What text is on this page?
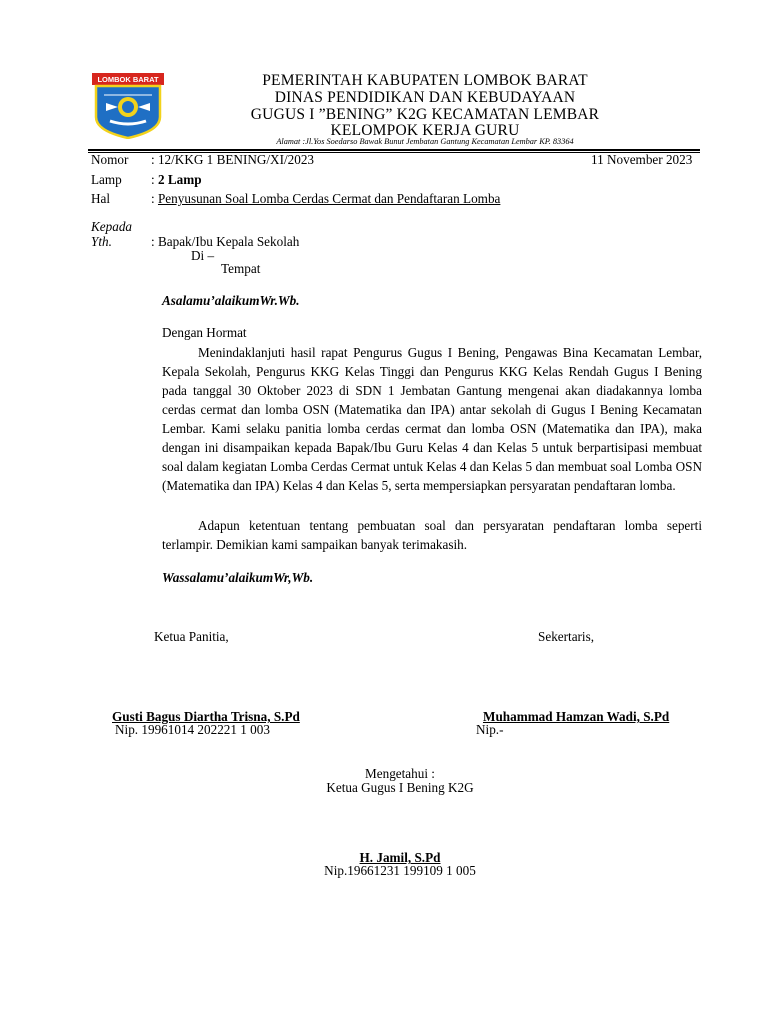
LOMBOK BARAT	PEMERINTAH KABUPATEN LOMBOK BARAT
DINAS PENDIDIKAN DAN KEBUDAYAAN
GUGUS I ”BENING” K2G KECAMATAN LEMBAR
KELOMPOK KERJA GURU
Alamat :Jl.Yos Soedarso Bawak Bunut Jembatan Gantung Kecamatan Lembar KP. 83364
Nomor : 12/KKG 1 BENING/XI/2023	11 November 2023
Lamp : 2 Lamp
Hal	: Penyusunan Soal Lomba Cerdas Cermat dan Pendaftaran Lomba
Kepada
Yth.	: Bapak/Ibu Kepala Sekolah
Di –
Tempat
Asalamu’alaikumWr.Wb.
Dengan Hormat
Menindaklanjuti hasil rapat Pengurus Gugus I Bening, Pengawas Bina Kecamatan Lembar, Kepala Sekolah, Pengurus KKG Kelas Tinggi dan Pengurus KKG Kelas Rendah Gugus I Bening pada tanggal 30 Oktober 2023 di SDN 1 Jembatan Gantung mengenai akan diadakannya lomba cerdas cermat dan lomba OSN (Matematika dan IPA) antar sekolah di Gugus I Bening Kecamatan Lembar. Kami selaku panitia lomba cerdas cermat dan lomba OSN (Matematika dan IPA), maka dengan ini disampaikan kepada Bapak/Ibu Guru Kelas 4 dan Kelas 5 untuk berpartisipasi membuat soal dalam kegiatan Lomba Cerdas Cermat untuk Kelas 4 dan Kelas 5 dan membuat soal Lomba OSN (Matematika dan IPA) Kelas 4 dan Kelas 5, serta mempersiapkan persyaratan pendaftaran lomba.
Adapun ketentuan tentang pembuatan soal dan persyaratan pendaftaran lomba seperti terlampir. Demikian kami sampaikan banyak terimakasih.
Wassalamu’alaikumWr,Wb.
Ketua Panitia,	Sekertaris,
Gusti Bagus Diartha Trisna, S.Pd
Nip. 19961014 202221 1 003
Muhammad Hamzan Wadi, S.Pd
Nip.-
Mengetahui :
Ketua Gugus I Bening K2G
H. Jamil, S.Pd
Nip.19661231 199109 1 005
